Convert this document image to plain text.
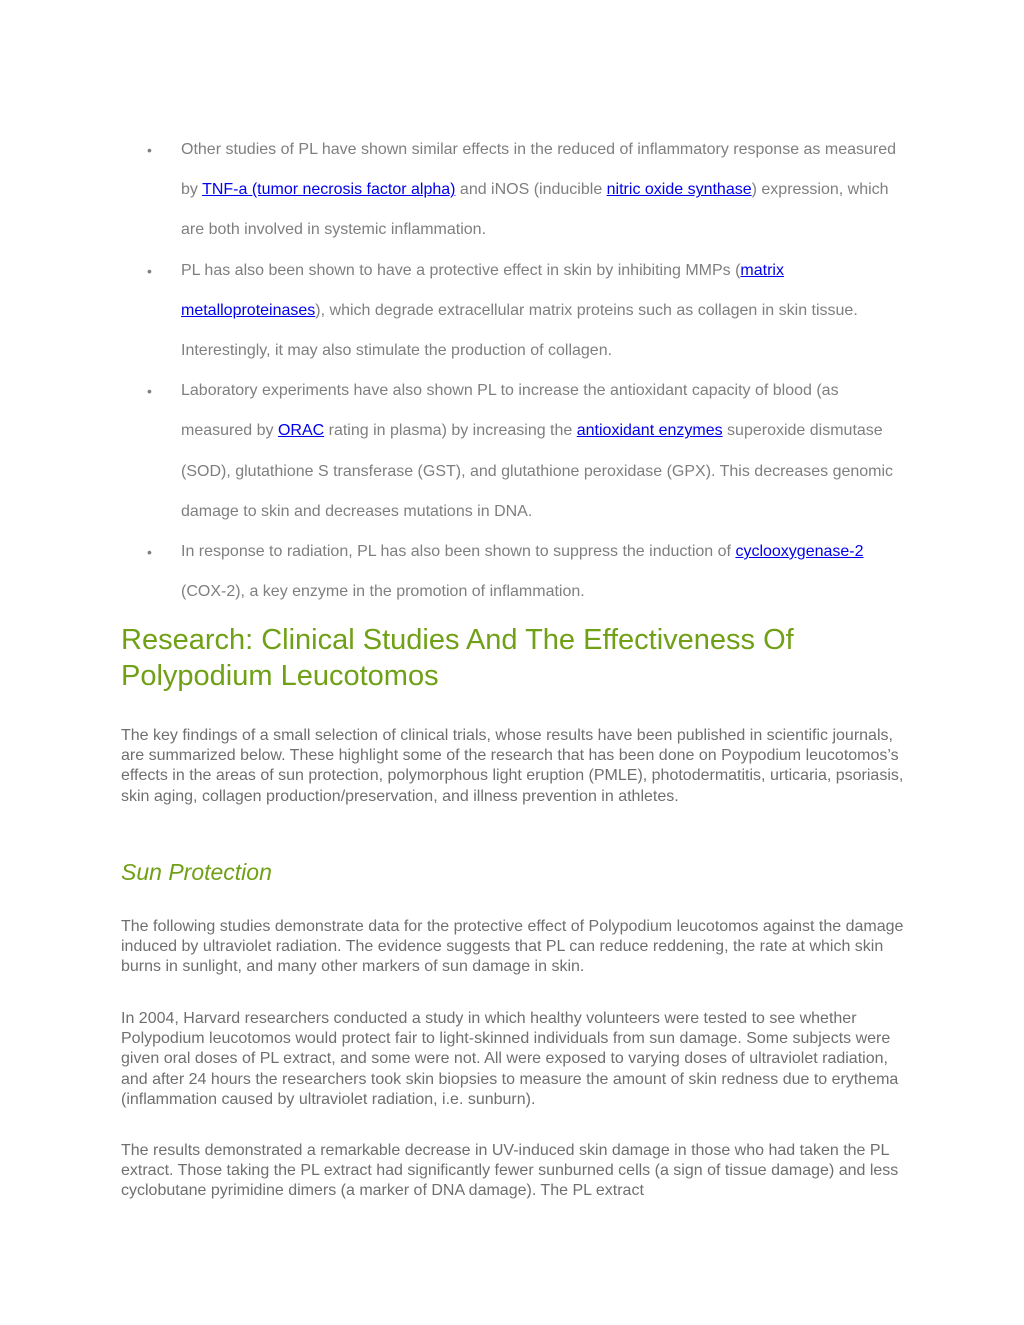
• Other studies of PL have shown similar effects in the reduced of inflammatory response as measured by TNF-a (tumor necrosis factor alpha) and iNOS (inducible nitric oxide synthase) expression, which are both involved in systemic inflammation.
• PL has also been shown to have a protective effect in skin by inhibiting MMPs (matrix metalloproteinases), which degrade extracellular matrix proteins such as collagen in skin tissue. Interestingly, it may also stimulate the production of collagen.
• Laboratory experiments have also shown PL to increase the antioxidant capacity of blood (as measured by ORAC rating in plasma) by increasing the antioxidant enzymes superoxide dismutase (SOD), glutathione S transferase (GST), and glutathione peroxidase (GPX). This decreases genomic damage to skin and decreases mutations in DNA.
• In response to radiation, PL has also been shown to suppress the induction of cyclooxygenase-2 (COX-2), a key enzyme in the promotion of inflammation.
Research: Clinical Studies And The Effectiveness Of Polypodium Leucotomos

The key findings of a small selection of clinical trials, whose results have been published in scientific journals, are summarized below. These highlight some of the research that has been done on Poypodium leucotomos’s effects in the areas of sun protection, polymorphous light eruption (PMLE), photodermatitis, urticaria, psoriasis, skin aging, collagen production/preservation, and illness prevention in athletes.

Sun Protection

The following studies demonstrate data for the protective effect of Polypodium leucotomos against the damage induced by ultraviolet radiation. The evidence suggests that PL can reduce reddening, the rate at which skin burns in sunlight, and many other markers of sun damage in skin.

In 2004, Harvard researchers conducted a study in which healthy volunteers were tested to see whether Polypodium leucotomos would protect fair to light-skinned individuals from sun damage. Some subjects were given oral doses of PL extract, and some were not. All were exposed to varying doses of ultraviolet radiation, and after 24 hours the researchers took skin biopsies to measure the amount of skin redness due to erythema (inflammation caused by ultraviolet radiation, i.e. sunburn).

The results demonstrated a remarkable decrease in UV-induced skin damage in those who had taken the PL extract. Those taking the PL extract had significantly fewer sunburned cells (a sign of tissue damage) and less cyclobutane pyrimidine dimers (a marker of DNA damage). The PL extract
